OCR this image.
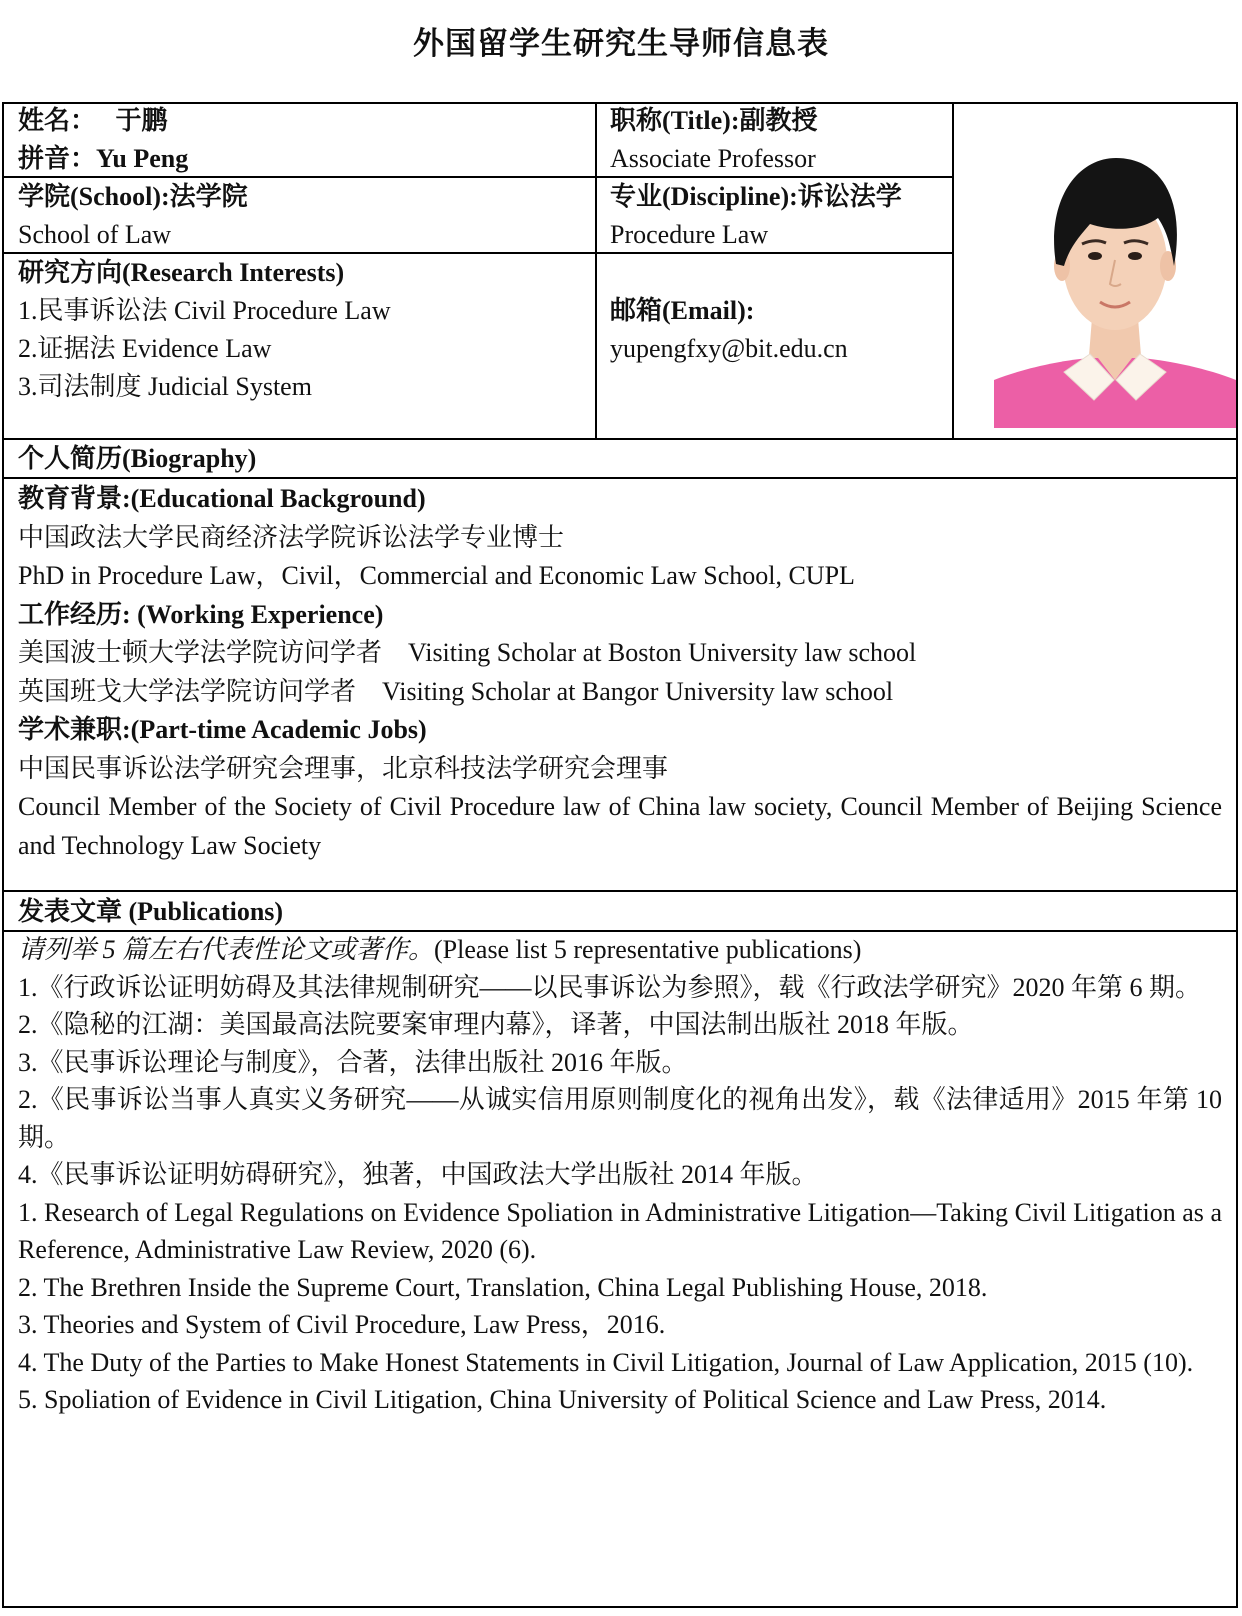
外国留学生研究生导师信息表
姓名： 于鹏
拼音：Yu Peng
职称(Title):副教授
Associate Professor
学院(School):法学院
School of Law
专业(Discipline):诉讼法学
Procedure Law
研究方向(Research Interests)
1.民事诉讼法 Civil Procedure Law
2.证据法 Evidence Law
3.司法制度 Judicial System
邮箱(Email):
yupengfxy@bit.edu.cn
个人简历(Biography)
教育背景:(Educational Background)
中国政法大学民商经济法学院诉讼法学专业博士
PhD in Procedure Law，Civil，Commercial and Economic Law School, CUPL
工作经历: (Working Experience)
美国波士顿大学法学院访问学者    Visiting Scholar at Boston University law school
英国班戈大学法学院访问学者    Visiting Scholar at Bangor University law school
学术兼职:(Part-time Academic Jobs)
中国民事诉讼法学研究会理事，北京科技法学研究会理事
Council Member of the Society of Civil Procedure law of China law society, Council Member of Beijing Science and Technology Law Society
发表文章 (Publications)
请列举 5 篇左右代表性论文或著作。(Please list 5 representative publications)
1.《行政诉讼证明妨碍及其法律规制研究——以民事诉讼为参照》，载《行政法学研究》2020 年第 6 期。
2.《隐秘的江湖：美国最高法院要案审理内幕》，译著，中国法制出版社 2018 年版。
3.《民事诉讼理论与制度》，合著，法律出版社 2016 年版。
2.《民事诉讼当事人真实义务研究——从诚实信用原则制度化的视角出发》，载《法律适用》2015 年第 10 期。
4.《民事诉讼证明妨碍研究》，独著，中国政法大学出版社 2014 年版。
1. Research of Legal Regulations on Evidence Spoliation in Administrative Litigation—Taking Civil Litigation as a Reference, Administrative Law Review, 2020 (6).
2. The Brethren Inside the Supreme Court, Translation, China Legal Publishing House, 2018.
3. Theories and System of Civil Procedure, Law Press，2016.
4. The Duty of the Parties to Make Honest Statements in Civil Litigation, Journal of Law Application, 2015 (10).
5. Spoliation of Evidence in Civil Litigation, China University of Political Science and Law Press, 2014.
